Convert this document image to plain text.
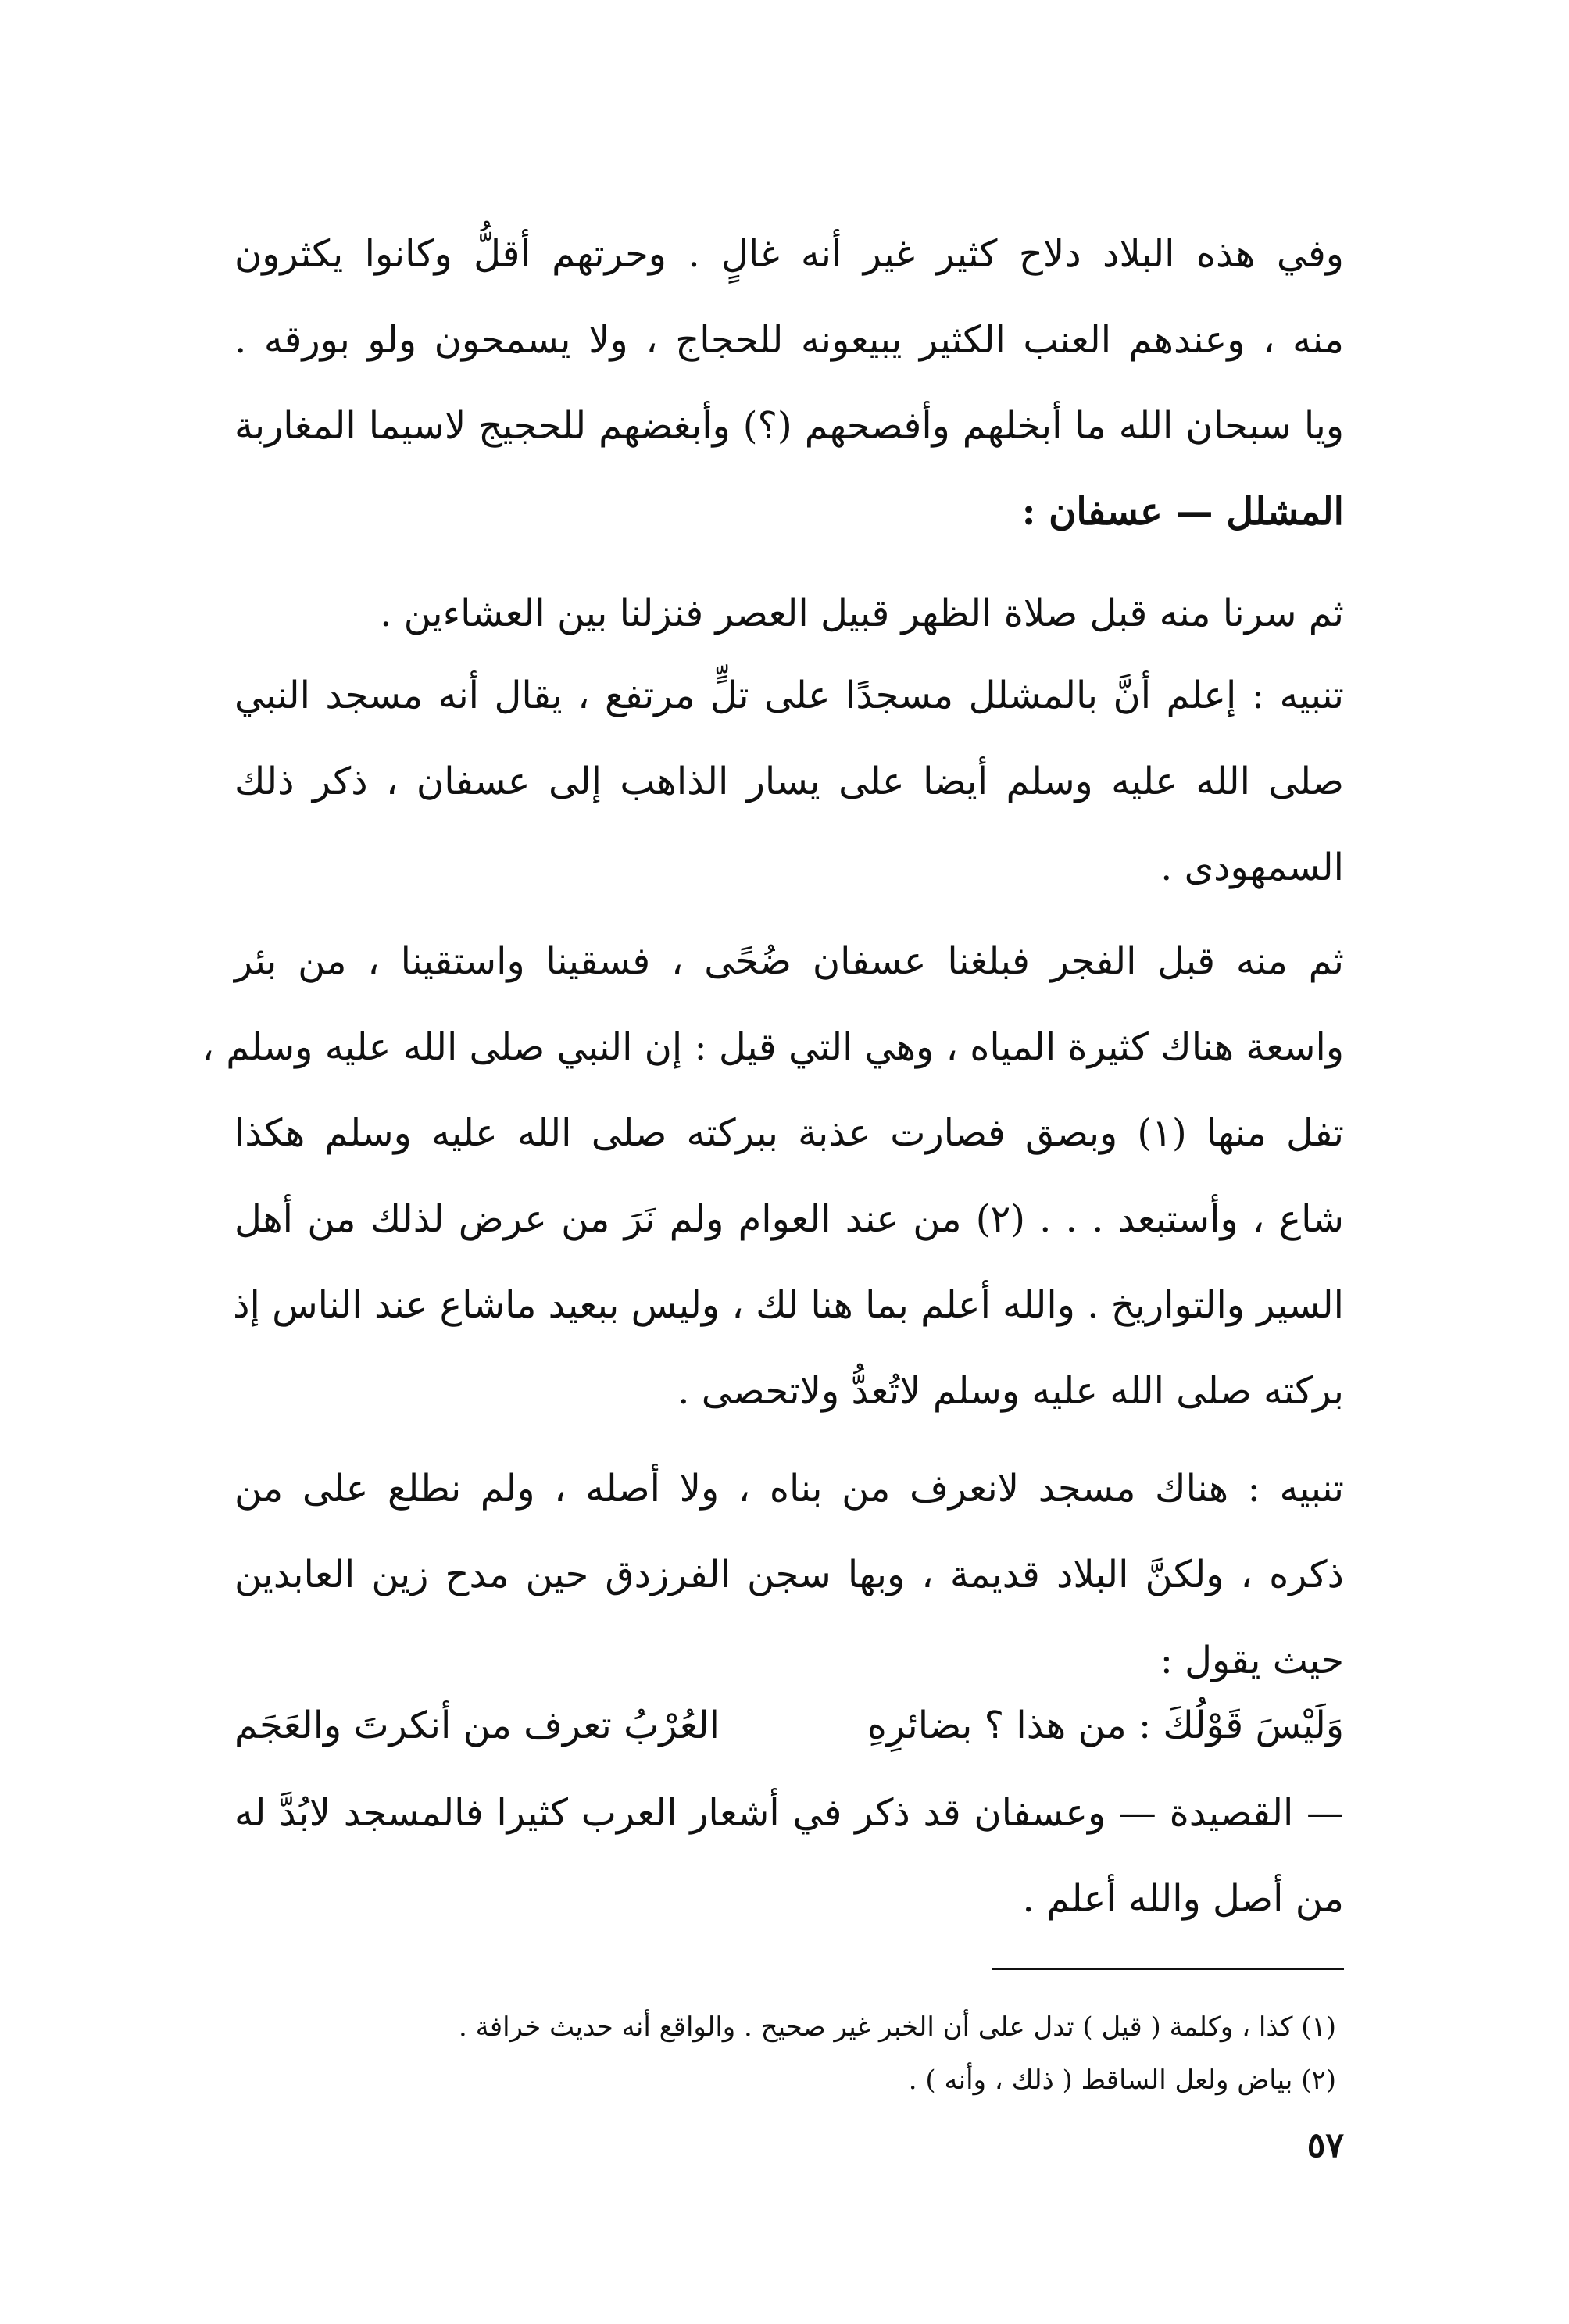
وفي هذه البلاد دلاح كثير غير أنه غالٍ . وحرتهم أقلُّ وكانوا يكثرون
منه ، وعندهم العنب الكثير يبيعونه للحجاج ، ولا يسمحون ولو بورقه .
ويا سبحان الله ما أبخلهم وأفصحهم (؟) وأبغضهم للحجيج لاسيما المغاربة
المشلل — عسفان :
ثم سرنا منه قبل صلاة الظهر قبيل العصر فنزلنا بين العشاءين .
تنبيه : إعلم أنَّ بالمشلل مسجدًا على تلٍّ مرتفع ، يقال أنه مسجد النبي
صلى الله عليه وسلم أيضا على يسار الذاهب إلى عسفان ، ذكر ذلك
السمهودى .
ثم منه قبل الفجر فبلغنا عسفان ضُحًى ، فسقينا واستقينا ، من بئر
واسعة هناك كثيرة المياه ، وهي التي قيل : إن النبي صلى الله عليه وسلم ،
تفل منها (١) وبصق فصارت عذبة ببركته صلى الله عليه وسلم هكذا
شاع ، وأستبعد . . . (٢) من عند العوام ولم نَرَ من عرض لذلك من أهل
السير والتواريخ . والله أعلم بما هنا لك ، وليس ببعيد ماشاع عند الناس إذ
بركته صلى الله عليه وسلم لاتُعدُّ ولاتحصى .
تنبيه : هناك مسجد لانعرف من بناه ، ولا أصله ، ولم نطلع على من
ذكره ، ولكنَّ البلاد قديمة ، وبها سجن الفرزدق حين مدح زين العابدين
حيث يقول :
وَلَيْسَ قَوْلُكَ : من هذا ؟ بضائرِهِ
العُرْبُ تعرف من أنكرتَ والعَجَم
— القصيدة — وعسفان قد ذكر في أشعار العرب كثيرا فالمسجد لابُدَّ له
من أصل والله أعلم .
(١) كذا ، وكلمة ( قيل ) تدل على أن الخبر غير صحيح . والواقع أنه حديث خرافة .
(٢) بياض ولعل الساقط ( ذلك ، وأنه ) .
٥٧
